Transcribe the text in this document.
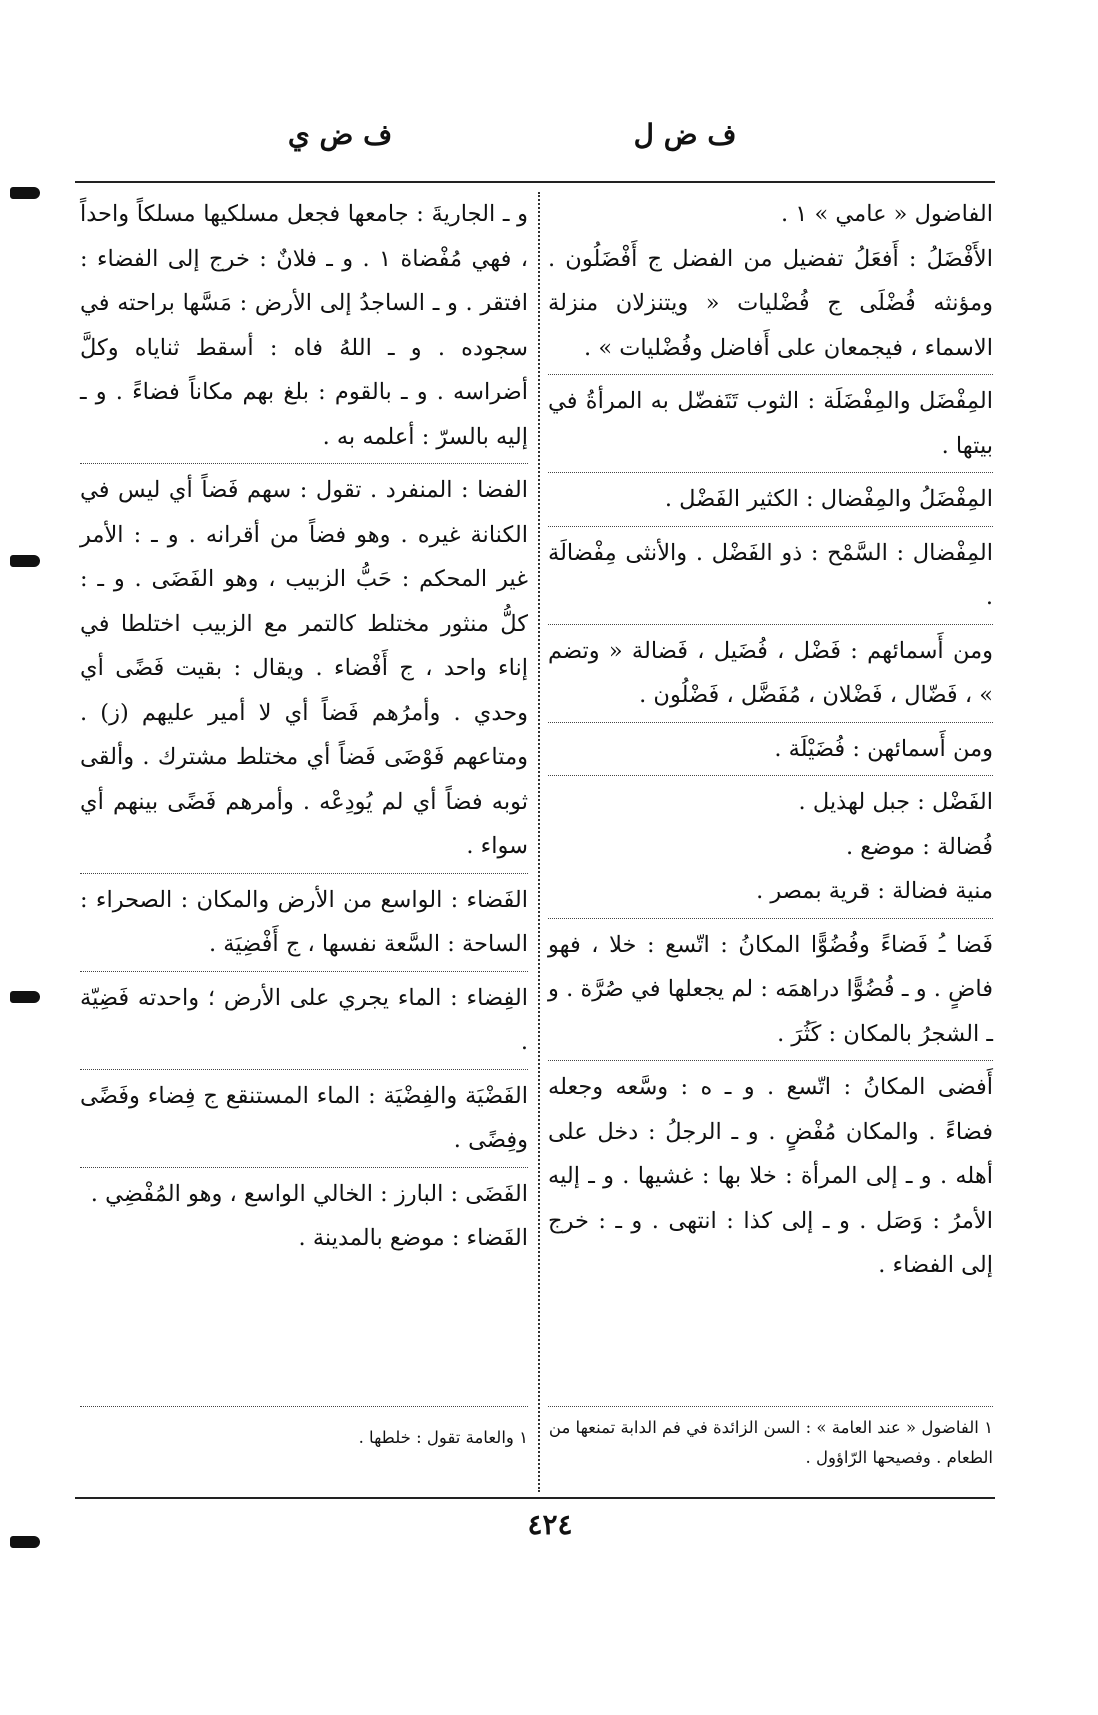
ف ض ل
ف ض ي

الفاضول « عامي » ١ .

الأَفْضَلُ : أَفعَلُ تفضيل من الفضل ج أَفْضَلُون . ومؤنثه فُضْلَى ج فُضْليات « ويتنزلان منزلة الاسماء ، فيجمعان على أَفاضل وفُضْليات » .

المِفْضَل والمِفْضَلَة : الثوب تَتَفضّل به المرأةُ في بيتها .

المِفْضَلُ والمِفْضال : الكثير الفَضْل .

المِفْضال : السَّمْح : ذو الفَضْل . والأنثى مِفْضالَة .

ومن أَسمائهم : فَضْل ، فُضَيل ، فَضالة « وتضم » ، فَضّال ، فَضْلان ، مُفَضَّل ، فَضْلُون .

ومن أَسمائهن : فُضَيْلَة .

الفَضْل : جبل لهذيل .

فُضالة : موضع .

منية فضالة : قرية بمصر .

فَضا ـُ فَضاءً وفُضُوًّا المكانُ : اتّسع : خلا ، فهو فاضٍ . و ـ فُضُوًّا دراهمَه : لم يجعلها في صُرَّة . و ـ الشجرُ بالمكان : كَثُرَ .

أَفضى المكانُ : اتّسع . و ـ ه : وسَّعه وجعله فضاءً . والمكان مُفْضٍ . و ـ الرجلُ : دخل على أهله . و ـ إلى المرأة : خلا بها : غشيها . و ـ إليه الأمرُ : وَصَل . و ـ إلى كذا : انتهى . و ـ : خرج إلى الفضاء .

و ـ الجاريةَ : جامعها فجعل مسلكيها مسلكاً واحداً ، فهي مُفْضاة ١ . و ـ فلانٌ : خرج إلى الفضاء : افتقر . و ـ الساجدُ إلى الأرض : مَسَّها براحته في سجوده . و ـ اللهُ فاه : أسقط ثناياه وكلَّ أضراسه . و ـ بالقوم : بلغ بهم مكاناً فضاءً . و ـ إليه بالسرّ : أعلمه به .

الفضا : المنفرد . تقول : سهم فَضاً أي ليس في الكنانة غيره . وهو فضاً من أقرانه . و ـ : الأمر غير المحكم : حَبُّ الزبيب ، وهو الفَضَى . و ـ : كلُّ منثور مختلط كالتمر مع الزبيب اختلطا في إناء واحد ، ج أَفْضاء . ويقال : بقيت فَضًى أي وحدي . وأمرُهم فَضاً أي لا أمير عليهم (ز) . ومتاعهم فَوْضَى فَضاً أي مختلط مشترك . وألقى ثوبه فضاً أي لم يُودِعْه . وأمرهم فَضًى بينهم أي سواء .

الفَضاء : الواسع من الأرض والمكان : الصحراء : الساحة : السَّعة نفسها ، ج أَفْضِيَة .

الفِضاء : الماء يجري على الأرض ؛ واحدته فَضِيّة .

الفَضْيَة والفِضْيَة : الماء المستنقع ج فِضاء وفَضًى وفِضًى .

الفَضَى : البارز : الخالي الواسع ، وهو المُفْضِي .

الفَضاء : موضع بالمدينة .

١ الفاضول « عند العامة » : السن الزائدة في فم الدابة تمنعها من الطعام . وفصيحها الرّاؤول .
١ والعامة تقول : خلطها .
٤٢٤
